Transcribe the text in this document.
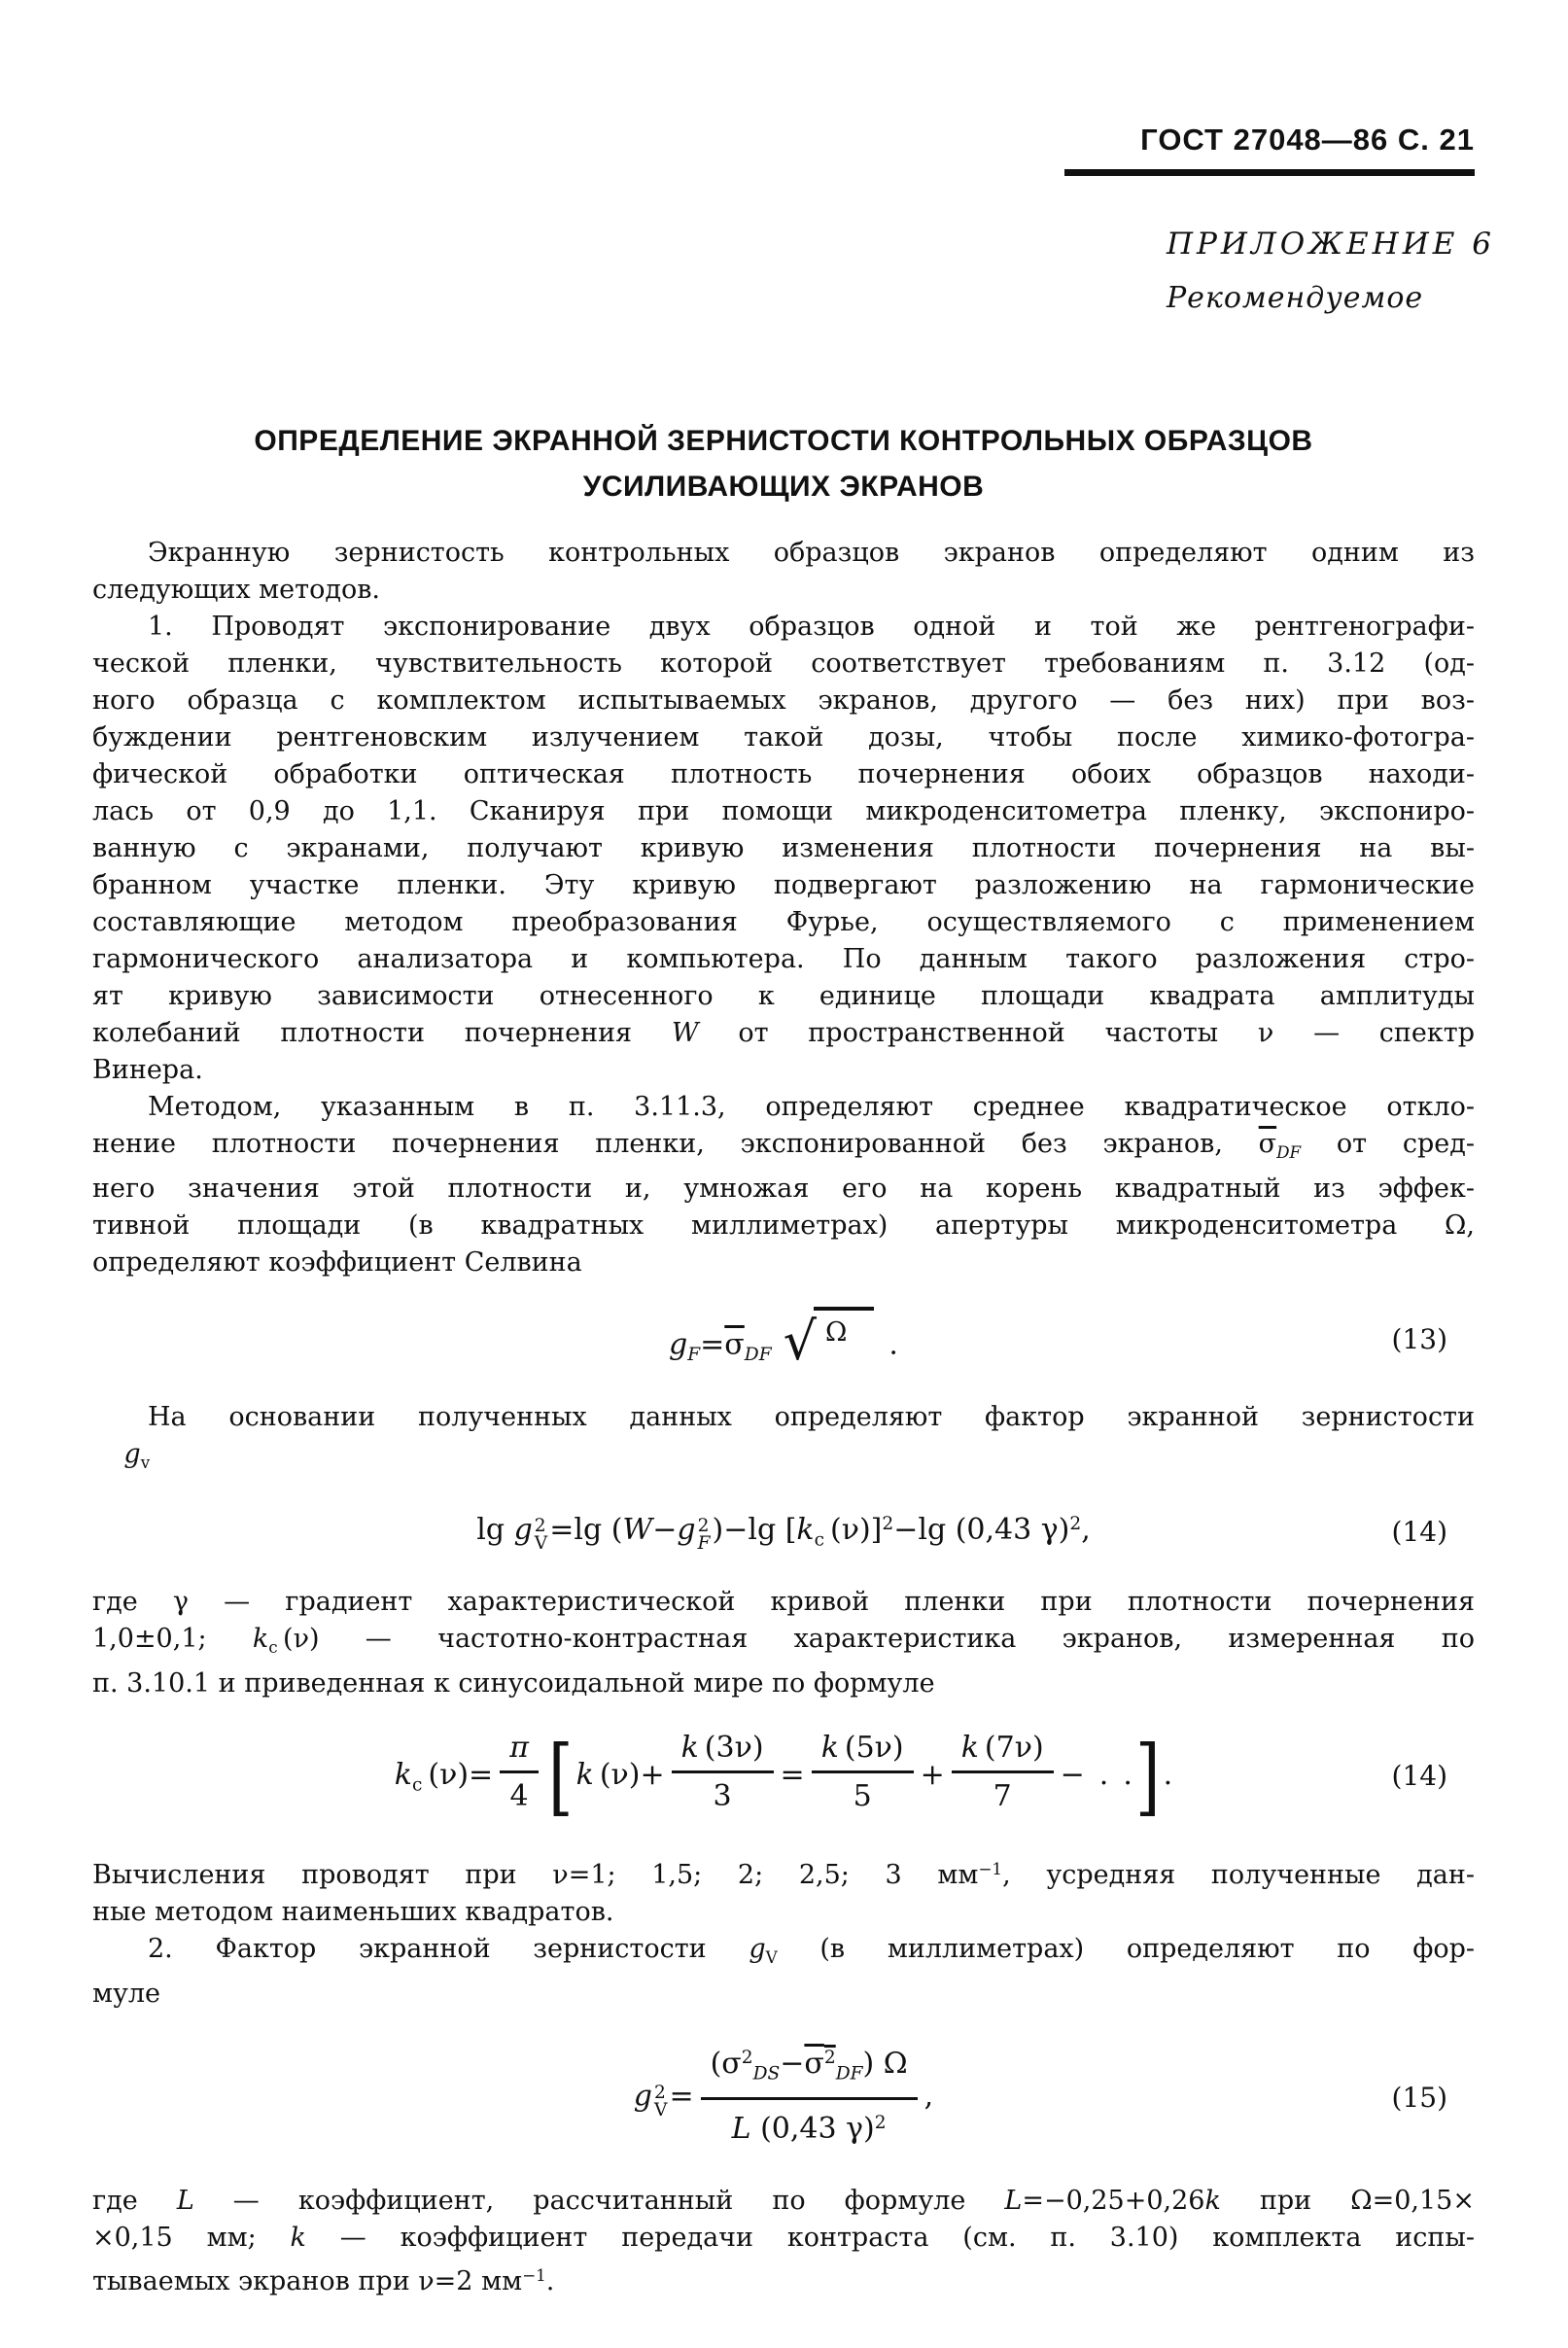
ГОСТ 27048—86 С. 21
ПРИЛОЖЕНИЕ 6
Рекомендуемое
ОПРЕДЕЛЕНИЕ ЭКРАННОЙ ЗЕРНИСТОСТИ КОНТРОЛЬНЫХ ОБРАЗЦОВ
УСИЛИВАЮЩИХ ЭКРАНОВ
Экранную зернистость контрольных образцов экранов определяют одним из
следующих методов.
1. Проводят экспонирование двух образцов одной и той же рентгенографи-
ческой пленки, чувствительность которой соответствует требованиям п. 3.12 (од-
ного образца с комплектом испытываемых экранов, другого — без них) при воз-
буждении рентгеновским излучением такой дозы, чтобы после химико-фотогра-
фической обработки оптическая плотность почернения обоих образцов находи-
лась от 0,9 до 1,1. Сканируя при помощи микроденситометра пленку, экспониро-
ванную с экранами, получают кривую изменения плотности почернения на вы-
бранном участке пленки. Эту кривую подвергают разложению на гармонические
составляющие методом преобразования Фурье, осуществляемого с применением
гармонического анализатора и компьютера. По данным такого разложения стро-
ят кривую зависимости отнесенного к единице площади квадрата амплитуды
колебаний плотности почернения W от пространственной частоты ν — спектр
Винера.
Методом, указанным в п. 3.11.3, определяют среднее квадратическое откло-
нение плотности почернения пленки, экспонированной без экранов, $\overline{\sigma}_{DF}$ от сред-
него значения этой плотности и, умножая его на корень квадратный из эффек-
тивной площади (в квадратных миллиметрах) апертуры микроденситометра Ω,
определяют коэффициент Селвина
$g_F=\overline{\sigma}_{DF}$ √ Ω .	(13)
На основании полученных данных определяют фактор экранной зернистости
  $g_v$
lg g 2
V =lg (W−g 2
F )−lg [$k_c$ (ν)]$^2$−lg (0,43 γ)$^2$,	(14)
где γ — градиент характеристической кривой пленки при плотности почернения
1,0±0,1; $k_c$ (ν) — частотно-контрастная характеристика экранов, измеренная по
п. 3.10.1 и приведенная к синусоидальной мире по формуле
$k_c$ $(\nu)= \frac{\pi}{4}$ [ k $(\nu)+ \frac{k (3\nu)}{3} = \frac{k (5\nu)}{5} + \frac{k (7\nu)}{7}$ − . .] .	(14)
Вычисления проводят при ν=1; 1,5; 2; 2,5; 3 $мм^{-1}$, усредняя полученные дан-
ные методом наименьших квадратов.
2. Фактор экранной зернистости $g_V$ (в миллиметрах) определяют по фор-
муле
g 2
$V = \frac{(\sigma^2_{DS}-\sigma^2_{DF}) \Omega}{L (0,43 \gamma)^2}$ ,	(15)
где L — коэффициент, рассчитанный по формуле L=−0,25+0,26k при Ω=0,15×
×0,15 мм; k — коэффициент передачи контраста (см. п. 3.10) комплекта испы-
тываемых экранов при ν=2 $мм^{-1}$.
